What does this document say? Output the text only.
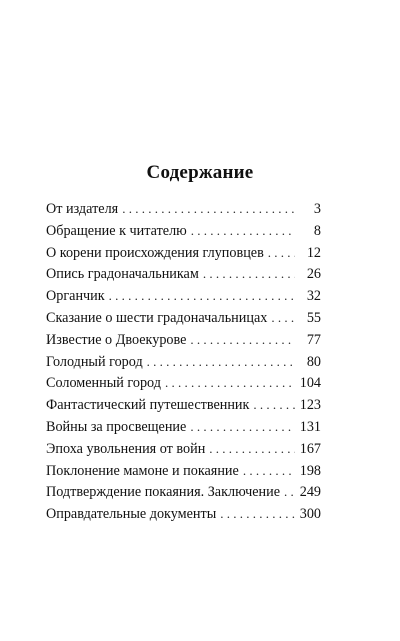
Содержание
От издателя . . .	3
Обращение к читателю . . .	8
О корени происхождения глуповцев . . .	12
Опись градоначальникам . . .	26
Органчик . . .	32
Сказание о шести градоначальницах . . .	55
Известие о Двоекурове . . .	77
Голодный город . . .	80
Соломенный город . . .	104
Фантастический путешественник . . .	123
Войны за просвещение . . .	131
Эпоха увольнения от войн . . .	167
Поклонение мамоне и покаяние . . .	198
Подтверждение покаяния. Заключение . . . 249
Оправдательные документы . . .	300
